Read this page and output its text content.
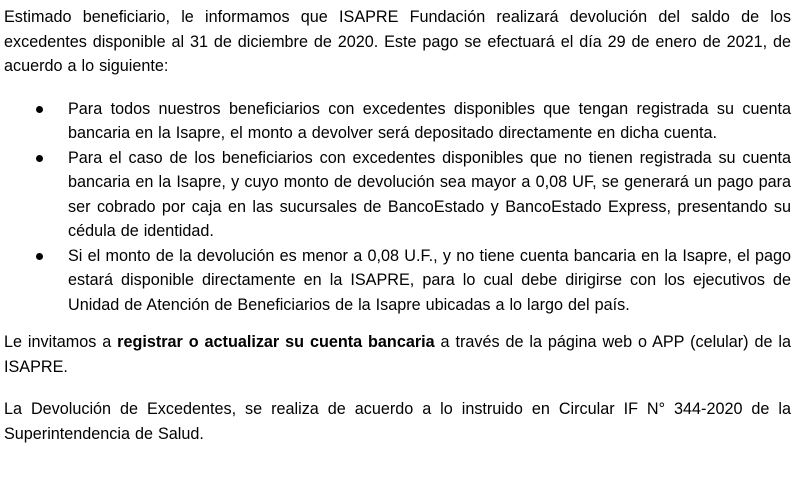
Estimado beneficiario, le informamos que ISAPRE Fundación realizará devolución del saldo de los excedentes disponible al 31 de diciembre de 2020. Este pago se efectuará el día 29 de enero de 2021, de acuerdo a lo siguiente:

Para todos nuestros beneficiarios con excedentes disponibles que tengan registrada su cuenta bancaria en la Isapre, el monto a devolver será depositado directamente en dicha cuenta.
Para el caso de los beneficiarios con excedentes disponibles que no tienen registrada su cuenta bancaria en la Isapre, y cuyo monto de devolución sea mayor a 0,08 UF, se generará un pago para ser cobrado por caja en las sucursales de BancoEstado y BancoEstado Express, presentando su cédula de identidad.
Si el monto de la devolución es menor a 0,08 U.F., y no tiene cuenta bancaria en la Isapre, el pago estará disponible directamente en la ISAPRE, para lo cual debe dirigirse con los ejecutivos de Unidad de Atención de Beneficiarios de la Isapre ubicadas a lo largo del país.

Le invitamos a registrar o actualizar su cuenta bancaria a través de la página web o APP (celular) de la ISAPRE.

La Devolución de Excedentes, se realiza de acuerdo a lo instruido en Circular IF N° 344-2020 de la Superintendencia de Salud.
